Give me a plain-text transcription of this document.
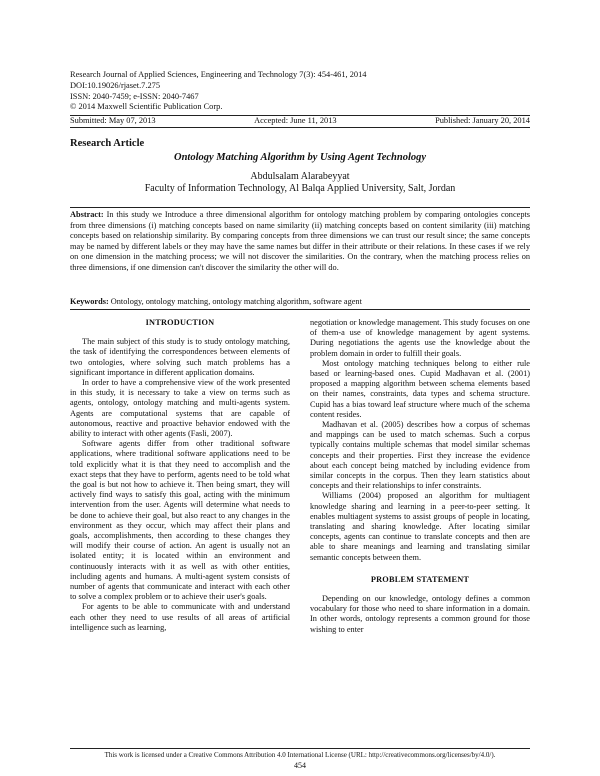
Research Journal of Applied Sciences, Engineering and Technology 7(3): 454-461, 2014
DOI:10.19026/rjaset.7.275
ISSN: 2040-7459; e-ISSN: 2040-7467
© 2014 Maxwell Scientific Publication Corp.
Submitted: May 07, 2013	Accepted: June 11, 2013	Published: January 20, 2014
Research Article
Ontology Matching Algorithm by Using Agent Technology
Abdulsalam Alarabeyyat
Faculty of Information Technology, Al Balqa Applied University, Salt, Jordan
Abstract: In this study we Introduce a three dimensional algorithm for ontology matching problem by comparing ontologies concepts from three dimensions (i) matching concepts based on name similarity (ii) matching concepts based on content similarity (iii) matching concepts based on relationship similarity. By comparing concepts from three dimensions we can trust our result since; the same concepts may be named by different labels or they may have the same names but differ in their attribute or their relations. In these cases if we rely on one dimension in the matching process; we will not discover the similarities. On the contrary, when the matching process relies on three dimensions, if one dimension can't discover the similarity the other will do.
Keywords: Ontology, ontology matching, ontology matching algorithm, software agent
INTRODUCTION

The main subject of this study is to study ontology matching, the task of identifying the correspondences between elements of two ontologies, where solving such match problems has a significant importance in different application domains.

In order to have a comprehensive view of the work presented in this study, it is necessary to take a view on terms such as agents, ontology, ontology matching and multi-agents system. Agents are computational systems that are capable of autonomous, reactive and proactive behavior endowed with the ability to interact with other agents (Fasli, 2007).

Software agents differ from other traditional software applications, where traditional software applications need to be told explicitly what it is that they need to accomplish and the exact steps that they have to perform, agents need to be told what the goal is but not how to achieve it. Then being smart, they will actively find ways to satisfy this goal, acting with the minimum intervention from the user. Agents will determine what needs to be done to achieve their goal, but also react to any changes in the environment as they occur, which may affect their plans and goals, accomplishments, then according to these changes they will modify their course of action. An agent is usually not an isolated entity; it is located within an environment and continuously interacts with it as well as with other entities, including agents and humans. A multi-agent system consists of number of agents that communicate and interact with each other to solve a complex problem or to achieve their user's goals.

For agents to be able to communicate with and understand each other they need to use results of all areas of artificial intelligence such as learning,

negotiation or knowledge management. This study focuses on one of them-a use of knowledge management by agent systems. During negotiations the agents use the knowledge about the problem domain in order to fulfill their goals.

Most ontology matching techniques belong to either rule based or learning-based ones. Cupid Madhavan et al. (2001) proposed a mapping algorithm between schema elements based on their names, constraints, data types and schema structure. Cupid has a bias toward leaf structure where much of the schema content resides.

Madhavan et al. (2005) describes how a corpus of schemas and mappings can be used to match schemas. Such a corpus typically contains multiple schemas that model similar schemas concepts and their properties. First they increase the evidence about each concept being matched by including evidence from similar concepts in the corpus. Then they learn statistics about concepts and their relationships to infer constraints.

Williams (2004) proposed an algorithm for multiagent knowledge sharing and learning in a peer-to-peer setting. It enables multiagent systems to assist groups of people in locating, translating and sharing knowledge. After locating similar concepts, agents can continue to translate concepts and then are able to share meanings and learning and translating similar semantic concepts between them.

PROBLEM STATEMENT

Depending on our knowledge, ontology defines a common vocabulary for those who need to share information in a domain. In other words, ontology represents a common ground for those wishing to enter

This work is licensed under a Creative Commons Attribution 4.0 International License (URL: http://creativecommons.org/licenses/by/4.0/).
454
